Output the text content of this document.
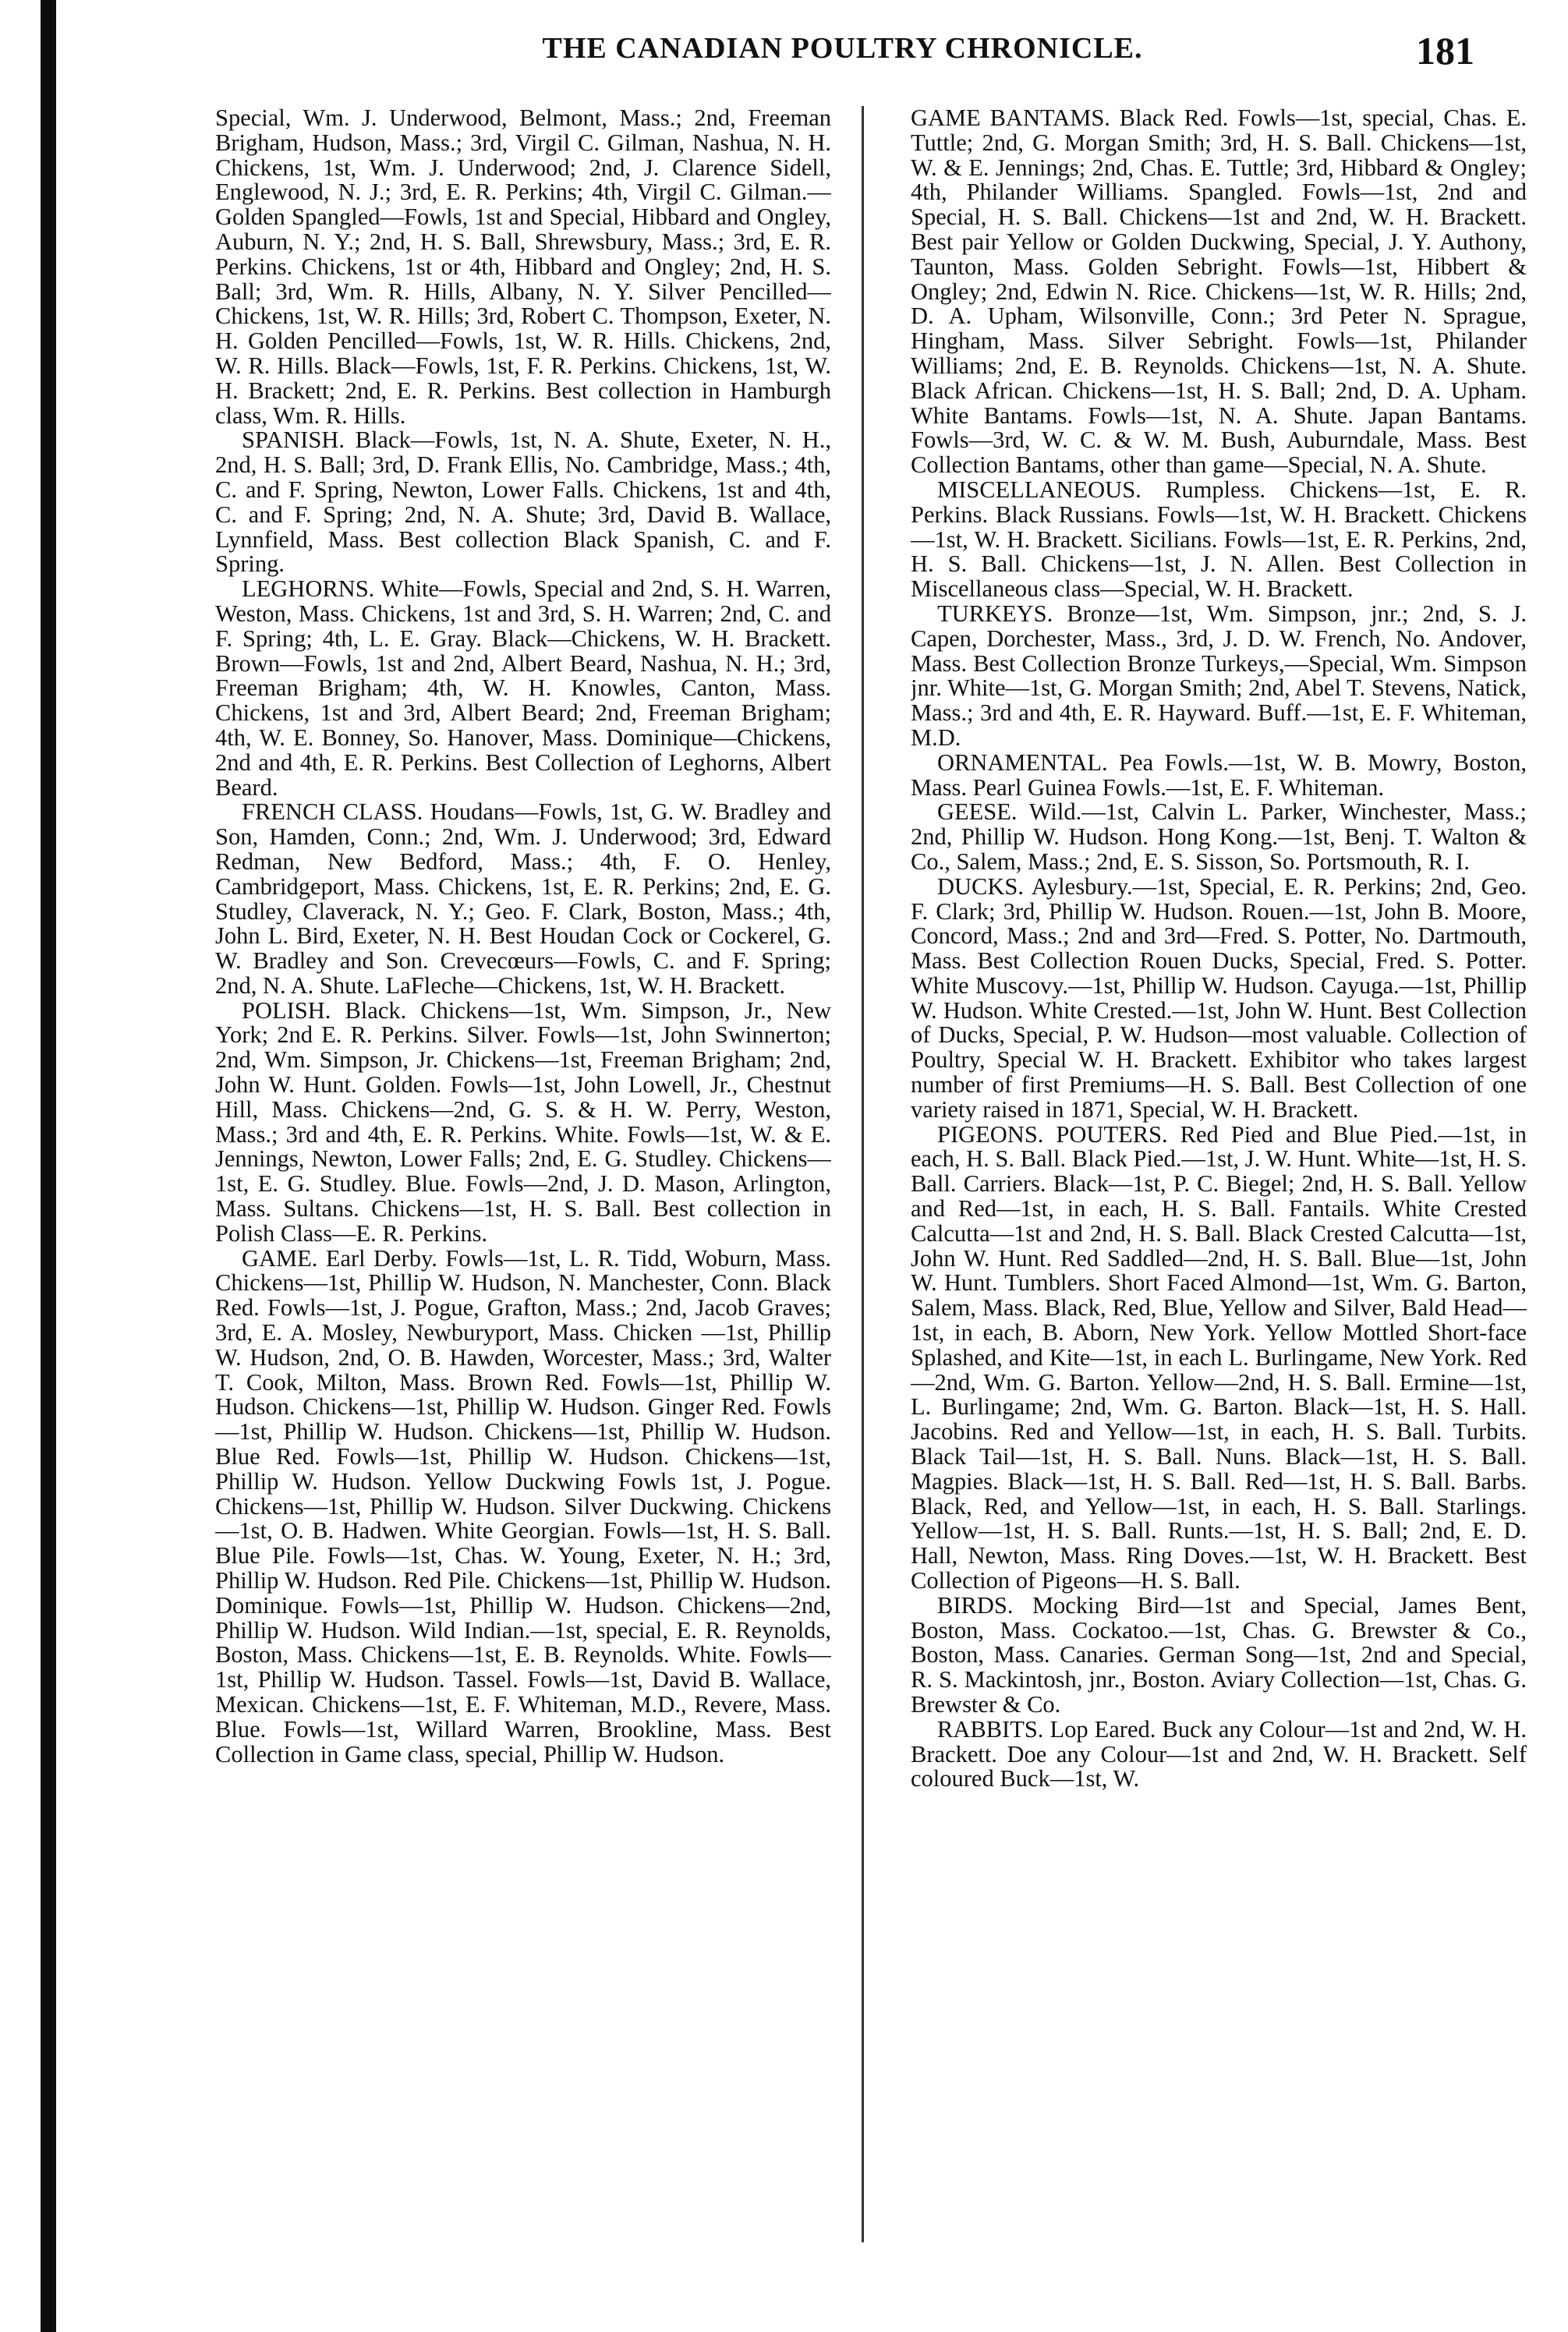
THE CANADIAN POULTRY CHRONICLE.	181

Special, Wm. J. Underwood, Belmont, Mass.; 2nd, Freeman Brigham, Hudson, Mass.; 3rd, Virgil C. Gilman, Nashua, N. H. Chickens, 1st, Wm. J. Underwood; 2nd, J. Clarence Sidell, Englewood, N. J.; 3rd, E. R. Perkins; 4th, Virgil C. Gilman.—Golden Spangled—Fowls, 1st and Special, Hibbard and Ongley, Auburn, N. Y.; 2nd, H. S. Ball, Shrewsbury, Mass.; 3rd, E. R. Perkins. Chickens, 1st or 4th, Hibbard and Ongley; 2nd, H. S. Ball; 3rd, Wm. R. Hills, Albany, N. Y. Silver Pencilled—Chickens, 1st, W. R. Hills; 3rd, Robert C. Thompson, Exeter, N. H. Golden Pencilled—Fowls, 1st, W. R. Hills. Chickens, 2nd, W. R. Hills. Black—Fowls, 1st, F. R. Perkins. Chickens, 1st, W. H. Brackett; 2nd, E. R. Perkins. Best collection in Hamburgh class, Wm. R. Hills.

SPANISH. Black—Fowls, 1st, N. A. Shute, Exeter, N. H., 2nd, H. S. Ball; 3rd, D. Frank Ellis, No. Cambridge, Mass.; 4th, C. and F. Spring, Newton, Lower Falls. Chickens, 1st and 4th, C. and F. Spring; 2nd, N. A. Shute; 3rd, David B. Wallace, Lynnfield, Mass. Best collection Black Spanish, C. and F. Spring.

LEGHORNS. White—Fowls, Special and 2nd, S. H. Warren, Weston, Mass. Chickens, 1st and 3rd, S. H. Warren; 2nd, C. and F. Spring; 4th, L. E. Gray. Black—Chickens, W. H. Brackett. Brown—Fowls, 1st and 2nd, Albert Beard, Nashua, N. H.; 3rd, Freeman Brigham; 4th, W. H. Knowles, Canton, Mass. Chickens, 1st and 3rd, Albert Beard; 2nd, Freeman Brigham; 4th, W. E. Bonney, So. Hanover, Mass. Dominique—Chickens, 2nd and 4th, E. R. Perkins. Best Collection of Leghorns, Albert Beard.

FRENCH CLASS. Houdans—Fowls, 1st, G. W. Bradley and Son, Hamden, Conn.; 2nd, Wm. J. Underwood; 3rd, Edward Redman, New Bedford, Mass.; 4th, F. O. Henley, Cambridgeport, Mass. Chickens, 1st, E. R. Perkins; 2nd, E. G. Studley, Claverack, N. Y.; Geo. F. Clark, Boston, Mass.; 4th, John L. Bird, Exeter, N. H. Best Houdan Cock or Cockerel, G. W. Bradley and Son. Crevecœurs—Fowls, C. and F. Spring; 2nd, N. A. Shute. LaFleche—Chickens, 1st, W. H. Brackett.

POLISH. Black. Chickens—1st, Wm. Simpson, Jr., New York; 2nd E. R. Perkins. Silver. Fowls—1st, John Swinnerton; 2nd, Wm. Simpson, Jr. Chickens—1st, Freeman Brigham; 2nd, John W. Hunt. Golden. Fowls—1st, John Lowell, Jr., Chestnut Hill, Mass. Chickens—2nd, G. S. & H. W. Perry, Weston, Mass.; 3rd and 4th, E. R. Perkins. White. Fowls—1st, W. & E. Jennings, Newton, Lower Falls; 2nd, E. G. Studley. Chickens—1st, E. G. Studley. Blue. Fowls—2nd, J. D. Mason, Arlington, Mass. Sultans. Chickens—1st, H. S. Ball. Best collection in Polish Class—E. R. Perkins.

GAME. Earl Derby. Fowls—1st, L. R. Tidd, Woburn, Mass. Chickens—1st, Phillip W. Hudson, N. Manchester, Conn. Black Red. Fowls—1st, J. Pogue, Grafton, Mass.; 2nd, Jacob Graves; 3rd, E. A. Mosley, Newburyport, Mass. Chicken —1st, Phillip W. Hudson, 2nd, O. B. Hawden, Worcester, Mass.; 3rd, Walter T. Cook, Milton, Mass. Brown Red. Fowls—1st, Phillip W. Hudson. Chickens—1st, Phillip W. Hudson. Ginger Red. Fowls—1st, Phillip W. Hudson. Chickens—1st, Phillip W. Hudson. Blue Red. Fowls—1st, Phillip W. Hudson. Chickens—1st, Phillip W. Hudson. Yellow Duckwing Fowls 1st, J. Pogue. Chickens—1st, Phillip W. Hudson. Silver Duckwing. Chickens—1st, O. B. Hadwen. White Georgian. Fowls—1st, H. S. Ball. Blue Pile. Fowls—1st, Chas. W. Young, Exeter, N. H.; 3rd, Phillip W. Hudson. Red Pile. Chickens—1st, Phillip W. Hudson. Dominique. Fowls—1st, Phillip W. Hudson. Chickens—2nd, Phillip W. Hudson. Wild Indian.—1st, special, E. R. Reynolds, Boston, Mass. Chickens—1st, E. B. Reynolds. White. Fowls—1st, Phillip W. Hudson. Tassel. Fowls—1st, David B. Wallace, Mexican. Chickens—1st, E. F. Whiteman, M.D., Revere, Mass. Blue. Fowls—1st, Willard Warren, Brookline, Mass. Best Collection in Game class, special, Phillip W. Hudson.

GAME BANTAMS. Black Red. Fowls—1st, special, Chas. E. Tuttle; 2nd, G. Morgan Smith; 3rd, H. S. Ball. Chickens—1st, W. & E. Jennings; 2nd, Chas. E. Tuttle; 3rd, Hibbard & Ongley; 4th, Philander Williams. Spangled. Fowls—1st, 2nd and Special, H. S. Ball. Chickens—1st and 2nd, W. H. Brackett. Best pair Yellow or Golden Duckwing, Special, J. Y. Authony, Taunton, Mass. Golden Sebright. Fowls—1st, Hibbert & Ongley; 2nd, Edwin N. Rice. Chickens—1st, W. R. Hills; 2nd, D. A. Upham, Wilsonville, Conn.; 3rd Peter N. Sprague, Hingham, Mass. Silver Sebright. Fowls—1st, Philander Williams; 2nd, E. B. Reynolds. Chickens—1st, N. A. Shute. Black African. Chickens—1st, H. S. Ball; 2nd, D. A. Upham. White Bantams. Fowls—1st, N. A. Shute. Japan Bantams. Fowls—3rd, W. C. & W. M. Bush, Auburndale, Mass. Best Collection Bantams, other than game—Special, N. A. Shute.

MISCELLANEOUS. Rumpless. Chickens—1st, E. R. Perkins. Black Russians. Fowls—1st, W. H. Brackett. Chickens—1st, W. H. Brackett. Sicilians. Fowls—1st, E. R. Perkins, 2nd, H. S. Ball. Chickens—1st, J. N. Allen. Best Collection in Miscellaneous class—Special, W. H. Brackett.

TURKEYS. Bronze—1st, Wm. Simpson, jnr.; 2nd, S. J. Capen, Dorchester, Mass., 3rd, J. D. W. French, No. Andover, Mass. Best Collection Bronze Turkeys,—Special, Wm. Simpson jnr. White—1st, G. Morgan Smith; 2nd, Abel T. Stevens, Natick, Mass.; 3rd and 4th, E. R. Hayward. Buff.—1st, E. F. Whiteman, M.D.

ORNAMENTAL. Pea Fowls.—1st, W. B. Mowry, Boston, Mass. Pearl Guinea Fowls.—1st, E. F. Whiteman.

GEESE. Wild.—1st, Calvin L. Parker, Winchester, Mass.; 2nd, Phillip W. Hudson. Hong Kong.—1st, Benj. T. Walton & Co., Salem, Mass.; 2nd, E. S. Sisson, So. Portsmouth, R. I.

DUCKS. Aylesbury.—1st, Special, E. R. Perkins; 2nd, Geo. F. Clark; 3rd, Phillip W. Hudson. Rouen.—1st, John B. Moore, Concord, Mass.; 2nd and 3rd—Fred. S. Potter, No. Dartmouth, Mass. Best Collection Rouen Ducks, Special, Fred. S. Potter. White Muscovy.—1st, Phillip W. Hudson. Cayuga.—1st, Phillip W. Hudson. White Crested.—1st, John W. Hunt. Best Collection of Ducks, Special, P. W. Hudson—most valuable. Collection of Poultry, Special W. H. Brackett. Exhibitor who takes largest number of first Premiums—H. S. Ball. Best Collection of one variety raised in 1871, Special, W. H. Brackett.

PIGEONS. POUTERS. Red Pied and Blue Pied.—1st, in each, H. S. Ball. Black Pied.—1st, J. W. Hunt. White—1st, H. S. Ball. Carriers. Black—1st, P. C. Biegel; 2nd, H. S. Ball. Yellow and Red—1st, in each, H. S. Ball. Fantails. White Crested Calcutta—1st and 2nd, H. S. Ball. Black Crested Calcutta—1st, John W. Hunt. Red Saddled—2nd, H. S. Ball. Blue—1st, John W. Hunt. Tumblers. Short Faced Almond—1st, Wm. G. Barton, Salem, Mass. Black, Red, Blue, Yellow and Silver, Bald Head—1st, in each, B. Aborn, New York. Yellow Mottled Short-face Splashed, and Kite—1st, in each L. Burlingame, New York. Red—2nd, Wm. G. Barton. Yellow—2nd, H. S. Ball. Ermine—1st, L. Burlingame; 2nd, Wm. G. Barton. Black—1st, H. S. Hall. Jacobins. Red and Yellow—1st, in each, H. S. Ball. Turbits. Black Tail—1st, H. S. Ball. Nuns. Black—1st, H. S. Ball. Magpies. Black—1st, H. S. Ball. Red—1st, H. S. Ball. Barbs. Black, Red, and Yellow—1st, in each, H. S. Ball. Starlings. Yellow—1st, H. S. Ball. Runts.—1st, H. S. Ball; 2nd, E. D. Hall, Newton, Mass. Ring Doves.—1st, W. H. Brackett. Best Collection of Pigeons—H. S. Ball.

BIRDS. Mocking Bird—1st and Special, James Bent, Boston, Mass. Cockatoo.—1st, Chas. G. Brewster & Co., Boston, Mass. Canaries. German Song—1st, 2nd and Special, R. S. Mackintosh, jnr., Boston. Aviary Collection—1st, Chas. G. Brewster & Co.

RABBITS. Lop Eared. Buck any Colour—1st and 2nd, W. H. Brackett. Doe any Colour—1st and 2nd, W. H. Brackett. Self coloured Buck—1st, W.
